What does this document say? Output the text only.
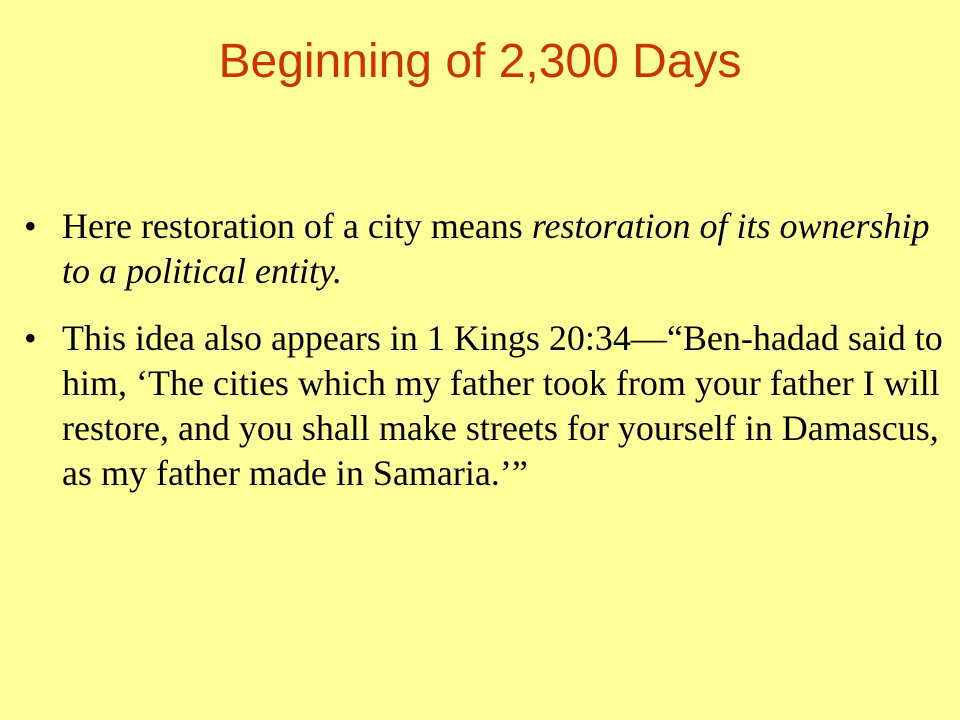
Beginning of 2,300 Days
• Here restoration of a city means restoration of its ownership to a political entity.
• This idea also appears in 1 Kings 20:34—“Ben-hadad said to him, ‘The cities which my father took from your father I will restore, and you shall make streets for yourself in Damascus, as my father made in Samaria.’”
